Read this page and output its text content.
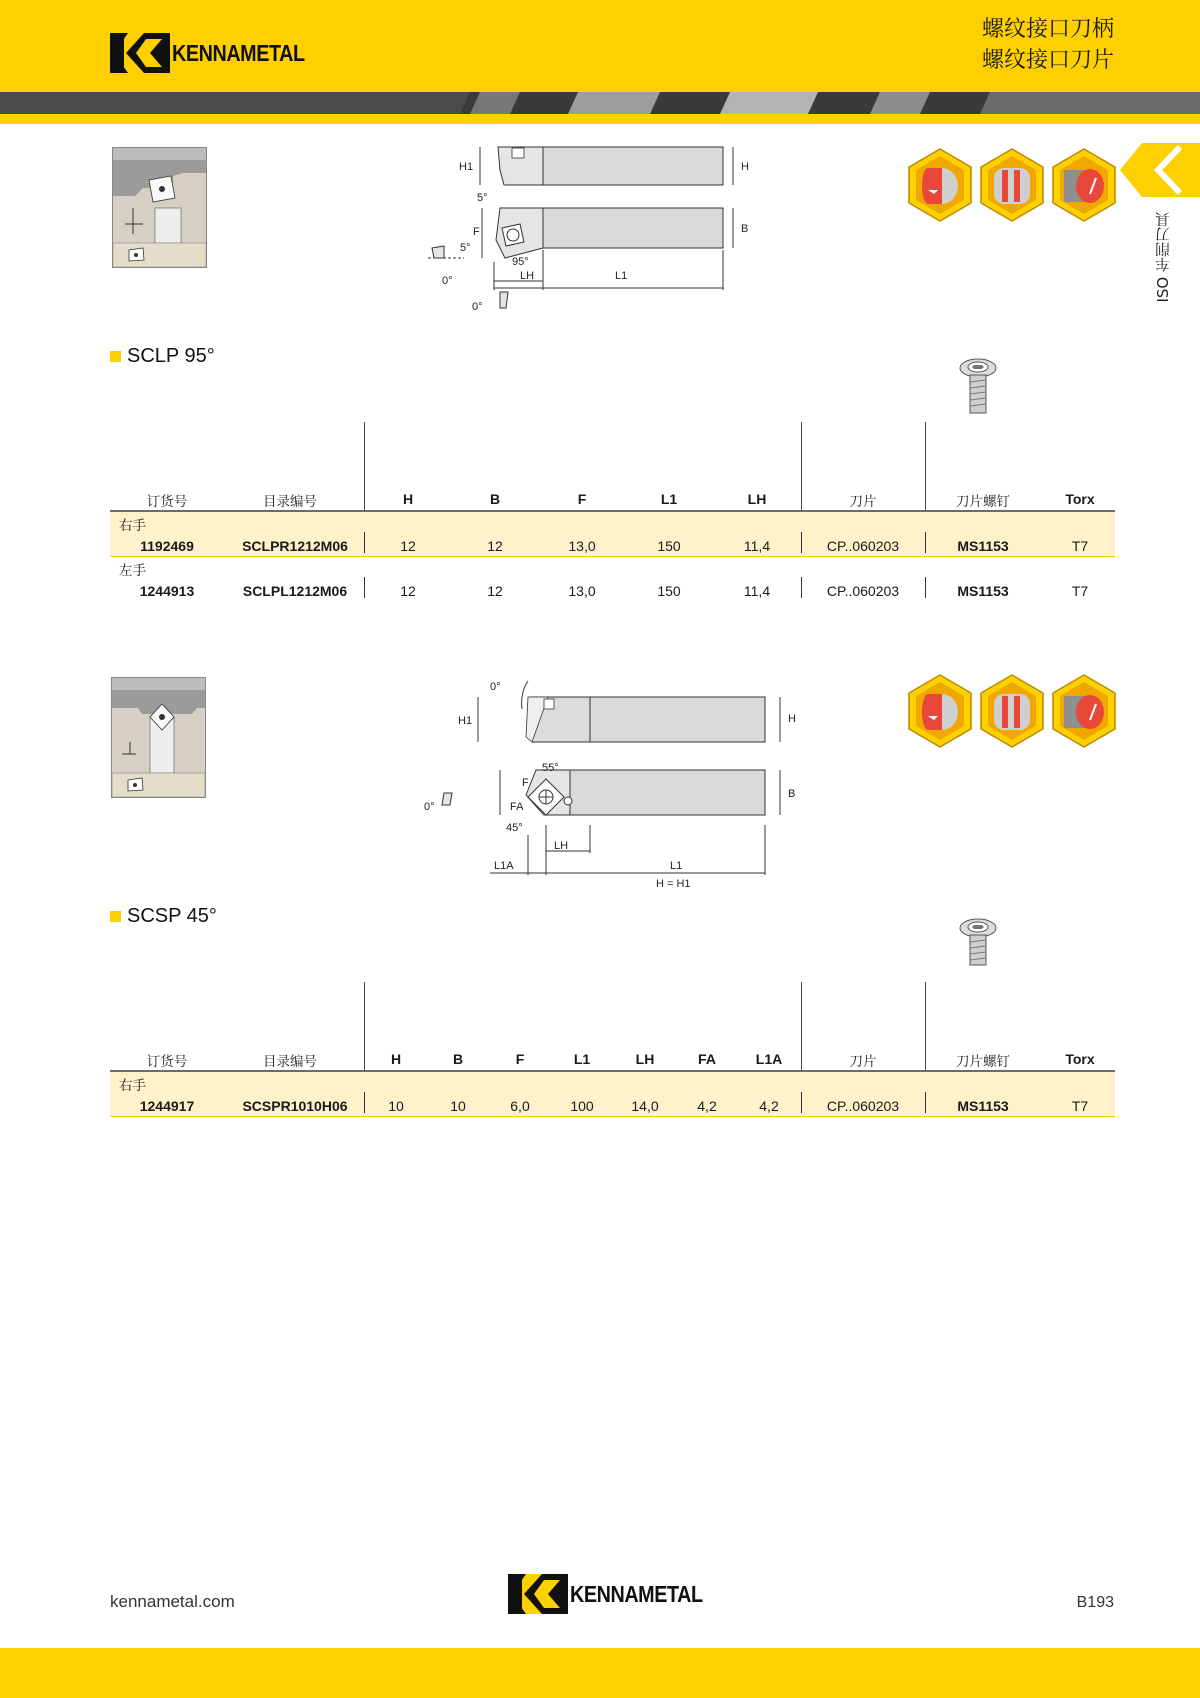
KENNAMETAL
螺纹接口刀柄
螺纹接口刀片
ISO 车削刀具
H1	H
B
F
5°
5°
95°
LH	L1
0°
0°
SCLP 95°
订货号	目录编号	H	B	F	L1	LH	刀片	刀片螺钉	Torx
右手
1192469	SCLPR1212M06	12	12	13,0	150	11,4	CP..060203	MS1153	T7
左手
1244913	SCLPL1212M06	12	12	13,0	150	11,4	CP..060203	MS1153	T7
H1	H
0°
B
F
FA
55°
45°
0°
LH
L1A	L1
H = H1
SCSP 45°
订货号	目录编号	H	B	F	L1	LH	FA	L1A	刀片	刀片螺钉	Torx
右手
1244917	SCSPR1010H06	10	10	6,0	100	14,0	4,2	4,2	CP..060203	MS1153	T7
kennametal.com	KENNAMETAL	B193
